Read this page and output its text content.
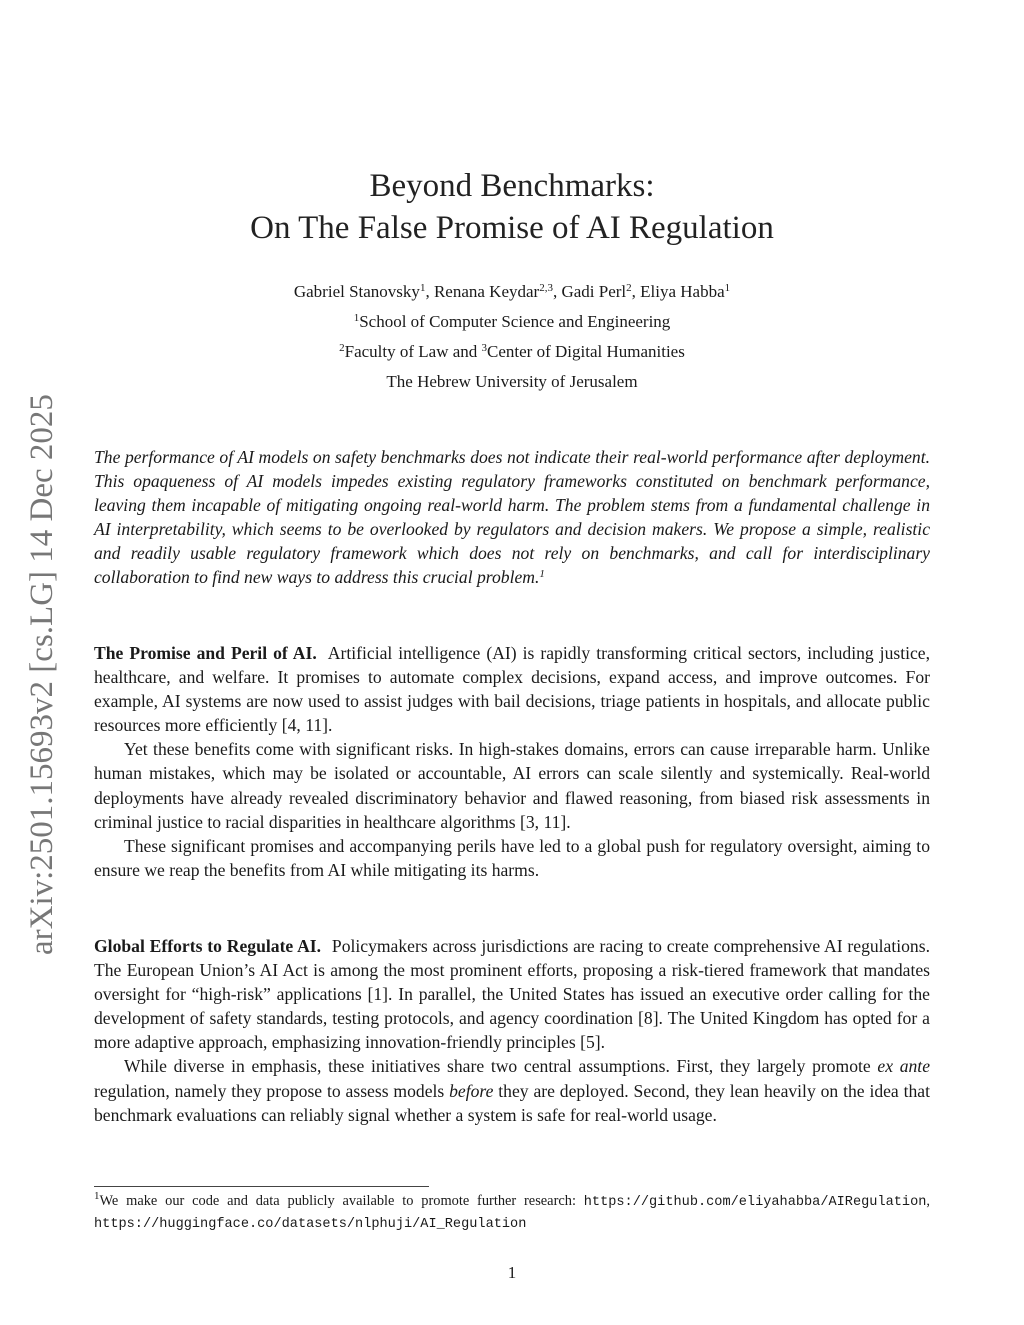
arXiv:2501.15693v2 [cs.LG] 14 Dec 2025
Beyond Benchmarks:
On The False Promise of AI Regulation
Gabriel Stanovsky$^1$, Renana Keydar$^{2,3}$, Gadi Perl$^2$, Eliya Habba$^1$
$^1$School of Computer Science and Engineering
$^2$Faculty of Law and $^3$Center of Digital Humanities
The Hebrew University of Jerusalem
The performance of AI models on safety benchmarks does not indicate their real-world performance after deployment. This opaqueness of AI models impedes existing regulatory frameworks constituted on benchmark performance, leaving them incapable of mitigating ongoing real-world harm. The problem stems from a fundamental challenge in AI interpretability, which seems to be overlooked by regulators and decision makers. We propose a simple, realistic and readily usable regulatory framework which does not rely on benchmarks, and call for interdisciplinary collaboration to find new ways to address this crucial problem.$^1$

The Promise and Peril of AI. Artificial intelligence (AI) is rapidly transforming critical sectors, including justice, healthcare, and welfare. It promises to automate complex decisions, expand access, and improve outcomes. For example, AI systems are now used to assist judges with bail decisions, triage patients in hospitals, and allocate public resources more efficiently [4, 11].

Yet these benefits come with significant risks. In high-stakes domains, errors can cause irreparable harm. Unlike human mistakes, which may be isolated or accountable, AI errors can scale silently and systemically. Real-world deployments have already revealed discriminatory behavior and flawed reasoning, from biased risk assessments in criminal justice to racial disparities in healthcare algorithms [3, 11].

These significant promises and accompanying perils have led to a global push for regulatory oversight, aiming to ensure we reap the benefits from AI while mitigating its harms.

Global Efforts to Regulate AI. Policymakers across jurisdictions are racing to create comprehensive AI regulations. The European Union’s AI Act is among the most prominent efforts, proposing a risk-tiered framework that mandates oversight for “high-risk” applications [1]. In parallel, the United States has issued an executive order calling for the development of safety standards, testing protocols, and agency coordination [8]. The United Kingdom has opted for a more adaptive approach, emphasizing innovation-friendly principles [5].

While diverse in emphasis, these initiatives share two central assumptions. First, they largely promote ex ante regulation, namely they propose to assess models before they are deployed. Second, they lean heavily on the idea that benchmark evaluations can reliably signal whether a system is safe for real-world usage.

$^1$We make our code and data publicly available to promote further research: https://github.com/eliyahabba/AIRegulation, https://huggingface.co/datasets/nlphuji/AI_Regulation
1
